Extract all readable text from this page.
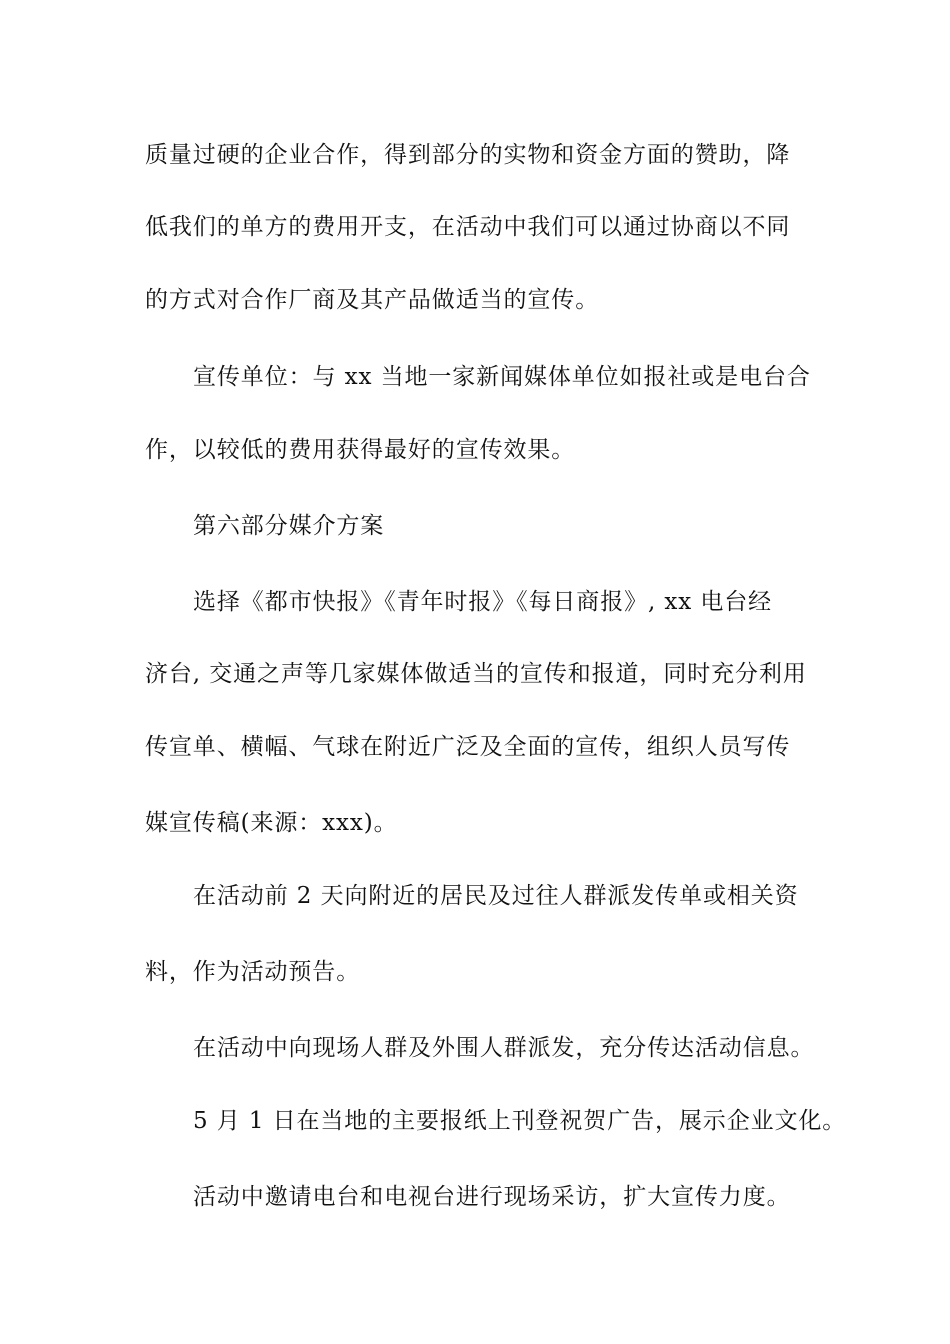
质量过硬的企业合作，得到部分的实物和资金方面的赞助，降
低我们的单方的费用开支，在活动中我们可以通过协商以不同
的方式对合作厂商及其产品做适当的宣传。
宣传单位：与 xx 当地一家新闻媒体单位如报社或是电台合
作，以较低的费用获得最好的宣传效果。
第六部分媒介方案
选择《都市快报》《青年时报》《每日商报》, xx 电台经
济台, 交通之声等几家媒体做适当的宣传和报道，同时充分利用
传宣单、横幅、气球在附近广泛及全面的宣传，组织人员写传
媒宣传稿(来源：xxx)。
在活动前 2 天向附近的居民及过往人群派发传单或相关资
料，作为活动预告。
在活动中向现场人群及外围人群派发，充分传达活动信息。
5 月 1 日在当地的主要报纸上刊登祝贺广告，展示企业文化。
活动中邀请电台和电视台进行现场采访，扩大宣传力度。
